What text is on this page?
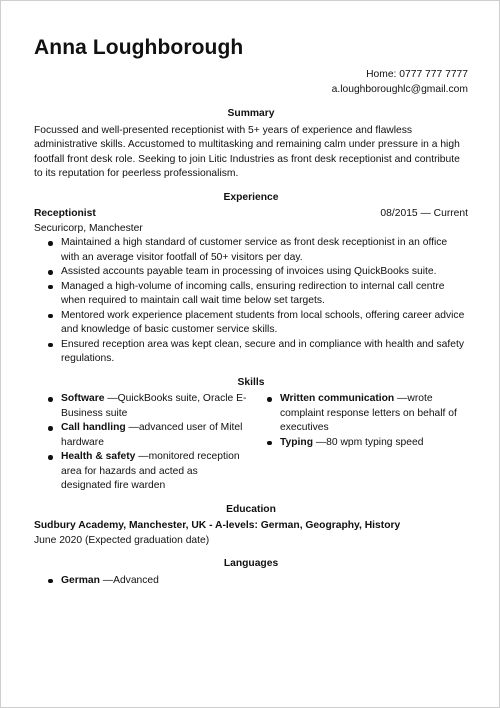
Anna Loughborough
Home: 0777 777 7777
a.loughboroughlc@gmail.com
Summary

Focussed and well-presented receptionist with 5+ years of experience and flawless administrative skills. Accustomed to multitasking and remaining calm under pressure in a high footfall front desk role. Seeking to join Litic Industries as front desk receptionist and contribute to its reputation for peerless professionalism.

Experience
Receptionist	08/2015 — Current
Securicorp, Manchester
Maintained a high standard of customer service as front desk receptionist in an office with an average visitor footfall of 50+ visitors per day.
Assisted accounts payable team in processing of invoices using QuickBooks suite.
Managed a high-volume of incoming calls, ensuring redirection to internal call centre when required to maintain call wait time below set targets.
Mentored work experience placement students from local schools, offering career advice and knowledge of basic customer service skills.
Ensured reception area was kept clean, secure and in compliance with health and safety regulations.
Skills
Software —QuickBooks suite, Oracle E-Business suite
Call handling —advanced user of Mitel hardware
Health & safety —monitored reception area for hazards and acted as designated fire warden
Written communication —wrote complaint response letters on behalf of executives
Typing —80 wpm typing speed
Education
Sudbury Academy, Manchester, UK - A-levels: German, Geography, History
June 2020 (Expected graduation date)
Languages
German —Advanced
